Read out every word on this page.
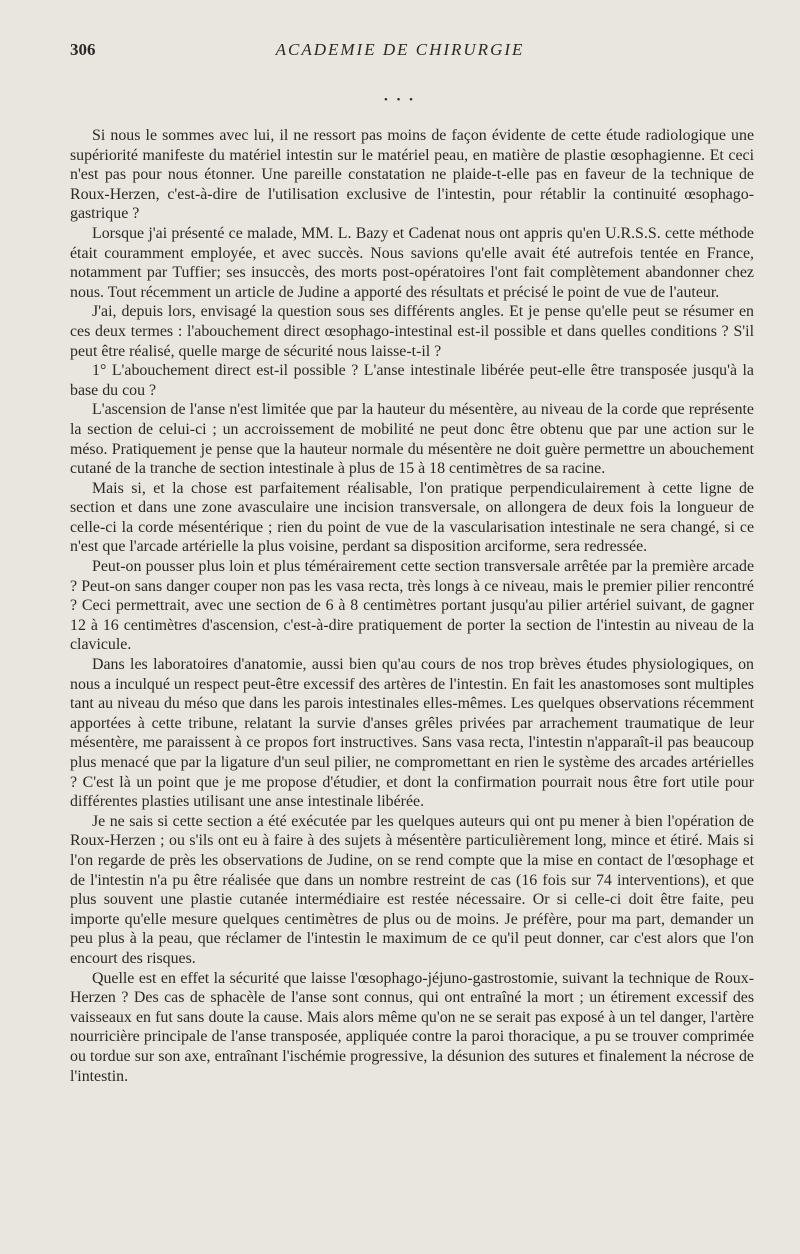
306	ACADEMIE DE CHIRURGIE
• • •

Si nous le sommes avec lui, il ne ressort pas moins de façon évidente de cette étude radiologique une supériorité manifeste du matériel intestin sur le matériel peau, en matière de plastie œsophagienne. Et ceci n'est pas pour nous étonner. Une pareille constatation ne plaide-t-elle pas en faveur de la technique de Roux-Herzen, c'est-à-dire de l'utilisation exclusive de l'intestin, pour rétablir la continuité œsophago-gastrique ?

Lorsque j'ai présenté ce malade, MM. L. Bazy et Cadenat nous ont appris qu'en U.R.S.S. cette méthode était couramment employée, et avec succès. Nous savions qu'elle avait été autrefois tentée en France, notamment par Tuffier; ses insuccès, des morts post-opératoires l'ont fait complètement abandonner chez nous. Tout récemment un article de Judine a apporté des résultats et précisé le point de vue de l'auteur.

J'ai, depuis lors, envisagé la question sous ses différents angles. Et je pense qu'elle peut se résumer en ces deux termes : l'abouchement direct œsophago-intestinal est-il possible et dans quelles conditions ? S'il peut être réalisé, quelle marge de sécurité nous laisse-t-il ?

1° L'abouchement direct est-il possible ? L'anse intestinale libérée peut-elle être transposée jusqu'à la base du cou ?

L'ascension de l'anse n'est limitée que par la hauteur du mésentère, au niveau de la corde que représente la section de celui-ci ; un accroissement de mobilité ne peut donc être obtenu que par une action sur le méso. Pratiquement je pense que la hauteur normale du mésentère ne doit guère permettre un abouchement cutané de la tranche de section intestinale à plus de 15 à 18 centimètres de sa racine.

Mais si, et la chose est parfaitement réalisable, l'on pratique perpendiculairement à cette ligne de section et dans une zone avasculaire une incision transversale, on allongera de deux fois la longueur de celle-ci la corde mésentérique ; rien du point de vue de la vascularisation intestinale ne sera changé, si ce n'est que l'arcade artérielle la plus voisine, perdant sa disposition arciforme, sera redressée.

Peut-on pousser plus loin et plus témérairement cette section transversale arrêtée par la première arcade ? Peut-on sans danger couper non pas les vasa recta, très longs à ce niveau, mais le premier pilier rencontré ? Ceci permettrait, avec une section de 6 à 8 centimètres portant jusqu'au pilier artériel suivant, de gagner 12 à 16 centimètres d'ascension, c'est-à-dire pratiquement de porter la section de l'intestin au niveau de la clavicule.

Dans les laboratoires d'anatomie, aussi bien qu'au cours de nos trop brèves études physiologiques, on nous a inculqué un respect peut-être excessif des artères de l'intestin. En fait les anastomoses sont multiples tant au niveau du méso que dans les parois intestinales elles-mêmes. Les quelques observations récemment apportées à cette tribune, relatant la survie d'anses grêles privées par arrachement traumatique de leur mésentère, me paraissent à ce propos fort instructives. Sans vasa recta, l'intestin n'apparaît-il pas beaucoup plus menacé que par la ligature d'un seul pilier, ne compromettant en rien le système des arcades artérielles ? C'est là un point que je me propose d'étudier, et dont la confirmation pourrait nous être fort utile pour différentes plasties utilisant une anse intestinale libérée.

Je ne sais si cette section a été exécutée par les quelques auteurs qui ont pu mener à bien l'opération de Roux-Herzen ; ou s'ils ont eu à faire à des sujets à mésentère particulièrement long, mince et étiré. Mais si l'on regarde de près les observations de Judine, on se rend compte que la mise en contact de l'œsophage et de l'intestin n'a pu être réalisée que dans un nombre restreint de cas (16 fois sur 74 interventions), et que plus souvent une plastie cutanée intermédiaire est restée nécessaire. Or si celle-ci doit être faite, peu importe qu'elle mesure quelques centimètres de plus ou de moins. Je préfère, pour ma part, demander un peu plus à la peau, que réclamer de l'intestin le maximum de ce qu'il peut donner, car c'est alors que l'on encourt des risques.

Quelle est en effet la sécurité que laisse l'œsophago-jéjuno-gastrostomie, suivant la technique de Roux-Herzen ? Des cas de sphacèle de l'anse sont connus, qui ont entraîné la mort ; un étirement excessif des vaisseaux en fut sans doute la cause. Mais alors même qu'on ne se serait pas exposé à un tel danger, l'artère nourricière principale de l'anse transposée, appliquée contre la paroi thoracique, a pu se trouver comprimée ou tordue sur son axe, entraînant l'ischémie progressive, la désunion des sutures et finalement la nécrose de l'intestin.
